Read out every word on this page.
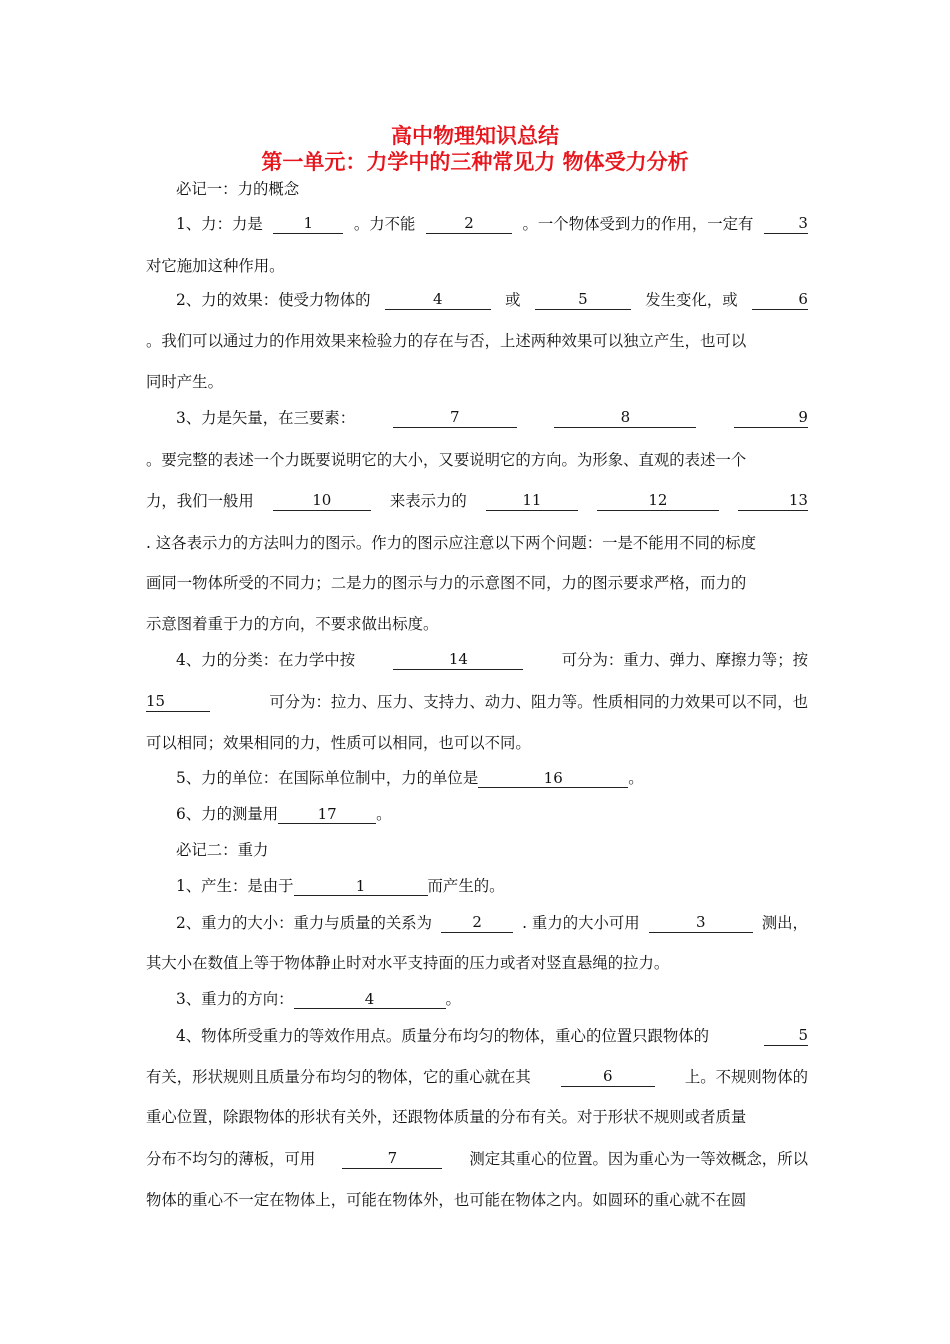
高中物理知识总结
第一单元：力学中的三种常见力 物体受力分析

必记一：力的概念

1、力：力是	1	。力不能	2	。一个物体受到力的作用，一定有	3

对它施加这种作用。

2、力的效果：使受力物体的	4	或	5	发生变化，或	6

。我们可以通过力的作用效果来检验力的存在与否，上述两种效果可以独立产生，也可以

同时产生。

3、力是矢量，在三要素：	7	8	9

。要完整的表述一个力既要说明它的大小，又要说明它的方向。为形象、直观的表述一个

力，我们一般用	10	来表示力的	11	12	13

. 这各表示力的方法叫力的图示。作力的图示应注意以下两个问题：一是不能用不同的标度

画同一物体所受的不同力；二是力的图示与力的示意图不同，力的图示要求严格，而力的

示意图着重于力的方向，不要求做出标度。

4、力的分类：在力学中按	14	可分为：重力、弹力、摩擦力等；按

15	可分为：拉力、压力、支持力、动力、阻力等。性质相同的力效果可以不同，也

可以相同；效果相同的力，性质可以相同，也可以不同。

5、力的单位：在国际单位制中，力的单位是	16	。

6、力的测量用	17	。

必记二：重力

1、产生：是由于	1	而产生的。

2、重力的大小：重力与质量的关系为	2	. 重力的大小可用	3	测出，

其大小在数值上等于物体静止时对水平支持面的压力或者对竖直悬绳的拉力。

3、重力的方向：	4	。

4、物体所受重力的等效作用点。质量分布均匀的物体，重心的位置只跟物体的	5

有关，形状规则且质量分布均匀的物体，它的重心就在其	6	上。不规则物体的

重心位置，除跟物体的形状有关外，还跟物体质量的分布有关。对于形状不规则或者质量

分布不均匀的薄板，可用	7	测定其重心的位置。因为重心为一等效概念，所以

物体的重心不一定在物体上，可能在物体外，也可能在物体之内。如圆环的重心就不在圆
